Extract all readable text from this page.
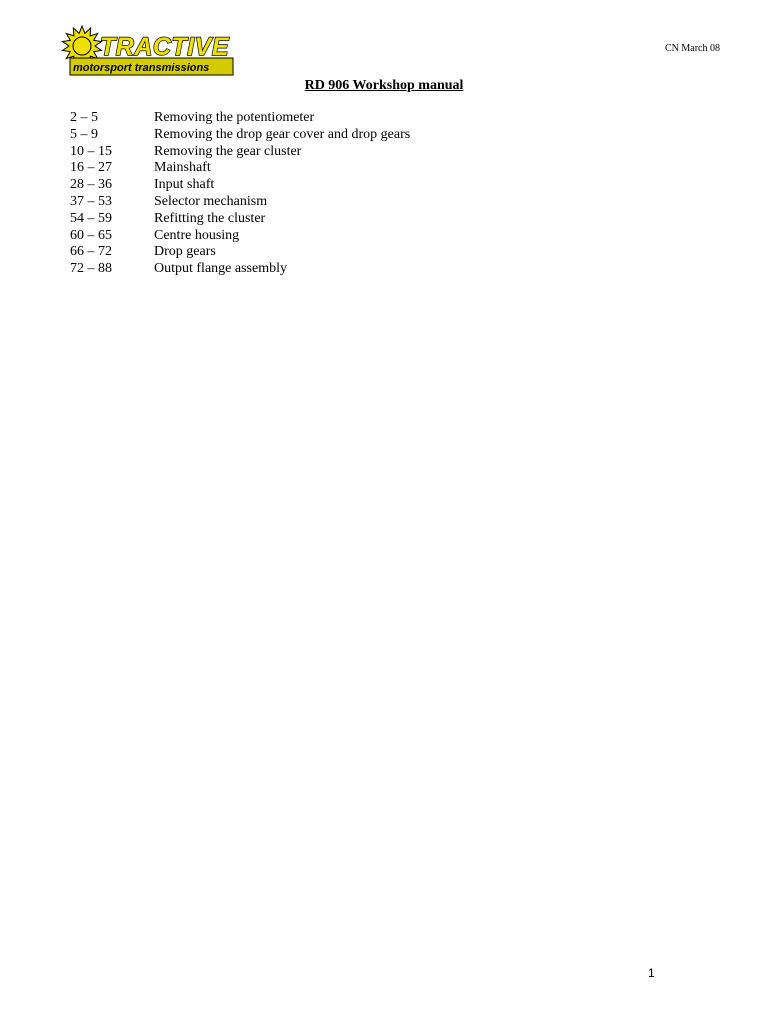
motorsport transmissions
TRACTIVE	CN March 08
RD 906 Workshop manual
2 – 5	Removing the potentiometer
5 – 9	Removing the drop gear cover and drop gears
10 – 15	Removing the gear cluster
16 – 27	Mainshaft
28 – 36	Input shaft
37 – 53	Selector mechanism
54 – 59	Refitting the cluster
60 – 65	Centre housing
66 – 72	Drop gears
72 – 88	Output flange assembly
1
